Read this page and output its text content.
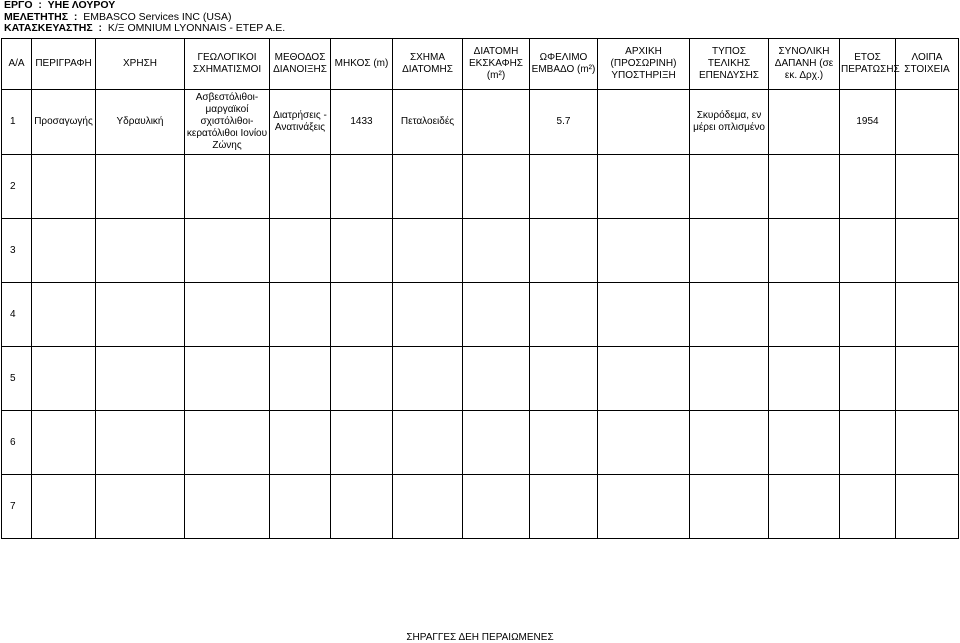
ΕΡΓΟ  :  ΥΗΕ ΛΟΥΡΟΥ
ΜΕΛΕΤΗΤΗΣ  : EMBASCO Services INC (USA)
ΚΑΤΑΣΚΕΥΑΣΤΗΣ  : Κ/Ξ OMNIUM LYONNAIS - ΕΤΕΡ Α.Ε.
Α/Α	ΠΕΡΙΓΡΑΦΗ	ΧΡΗΣΗ	ΓΕΩΛΟΓΙΚΟΙ ΣΧΗΜΑΤΙΣΜΟΙ	ΜΕΘΟΔΟΣ ΔΙΑΝΟΙΞΗΣ	ΜΗΚΟΣ (m)	ΣΧΗΜΑ ΔΙΑΤΟΜΗΣ	ΔΙΑΤΟΜΗ ΕΚΣΚΑΦΗΣ (m²)	ΩΦΕΛΙΜΟ ΕΜΒΑΔΟ (m²)	ΑΡΧΙΚΗ (ΠΡΟΣΩΡΙΝΗ) ΥΠΟΣΤΗΡΙΞΗ	ΤΥΠΟΣ ΤΕΛΙΚΗΣ ΕΠΕΝΔΥΣΗΣ	ΣΥΝΟΛΙΚΗ ΔΑΠΑΝΗ (σε εκ. Δρχ.)	ΕΤΟΣ ΠΕΡΑΤΩΣΗΣ	ΛΟΙΠΑ ΣΤΟΙΧΕΙΑ
1	Προσαγωγής	Υδραυλική	Ασβεστόλιθοι-μαργαϊκοί σχιστόλιθοι-κερατόλιθοι Ιονίου Ζώνης	Διατρήσεις - Ανατινάξεις	1433	Πεταλοειδές		5.7		Σκυρόδεμα, εν μέρει οπλισμένο		1954	
2													
3													
4													
5													
6													
7													
ΣΗΡΑΓΓΕΣ ΔΕΗ ΠΕΡΑΙΩΜΕΝΕΣ
